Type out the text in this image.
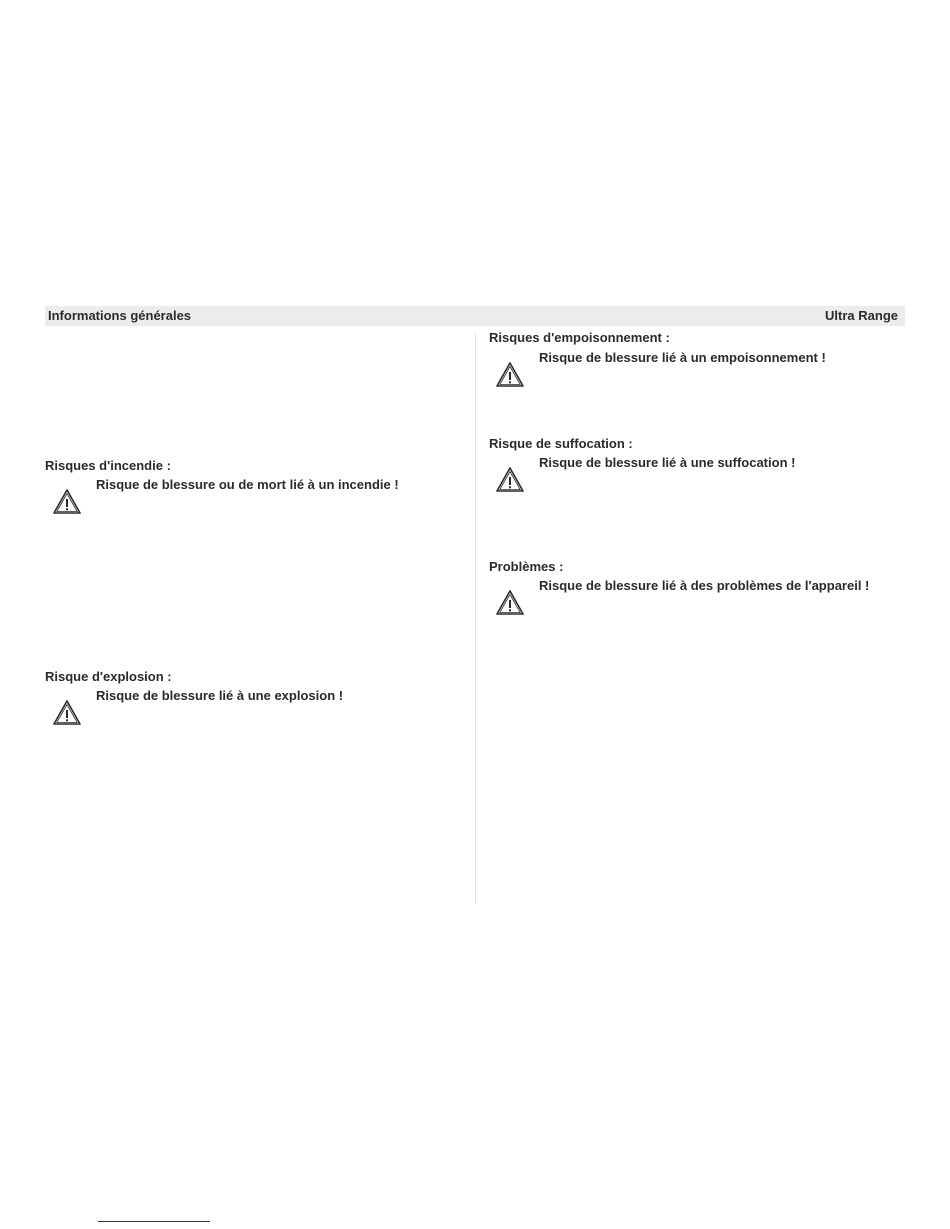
Informations générales	Ultra Range
Risques d'incendie :
Risque de blessure ou de mort lié à un incendie !
Risque d'explosion :
Risque de blessure lié à une explosion !
Risques d'empoisonnement :
Risque de blessure lié à un empoisonnement !
Risque de suffocation :
Risque de blessure lié à une suffocation !
Problèmes :
Risque de blessure lié à des problèmes de l'appareil !
